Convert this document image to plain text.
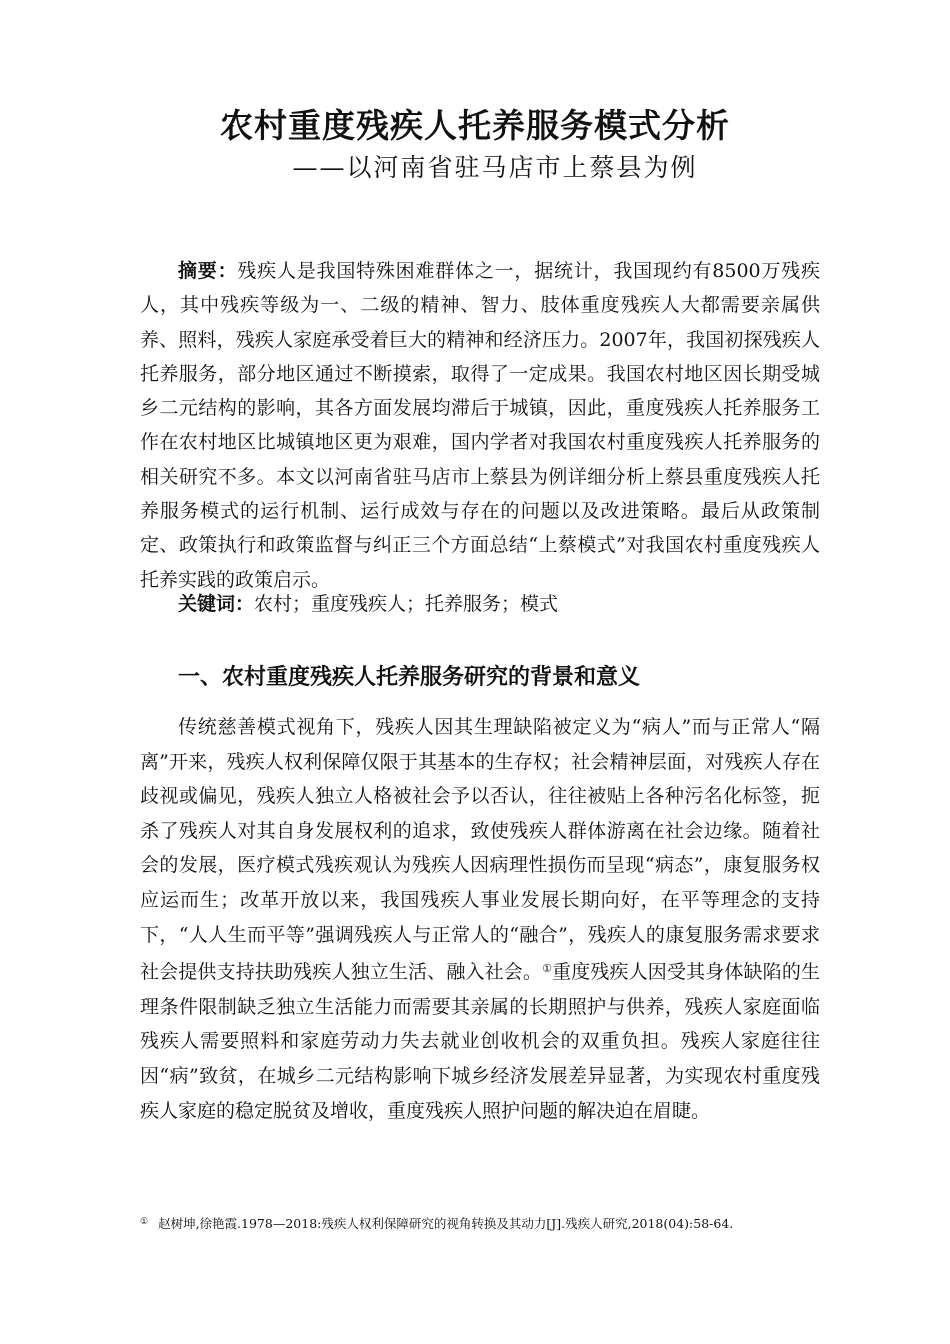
农村重度残疾人托养服务模式分析
——以河南省驻马店市上蔡县为例

摘要：残疾人是我国特殊困难群体之一，据统计，我国现约有8500万残疾人，其中残疾等级为一、二级的精神、智力、肢体重度残疾人大都需要亲属供养、照料，残疾人家庭承受着巨大的精神和经济压力。2007年，我国初探残疾人托养服务，部分地区通过不断摸索，取得了一定成果。我国农村地区因长期受城乡二元结构的影响，其各方面发展均滞后于城镇，因此，重度残疾人托养服务工作在农村地区比城镇地区更为艰难，国内学者对我国农村重度残疾人托养服务的相关研究不多。本文以河南省驻马店市上蔡县为例详细分析上蔡县重度残疾人托养服务模式的运行机制、运行成效与存在的问题以及改进策略。最后从政策制定、政策执行和政策监督与纠正三个方面总结“上蔡模式”对我国农村重度残疾人托养实践的政策启示。

关键词：农村；重度残疾人；托养服务；模式

一、农村重度残疾人托养服务研究的背景和意义

传统慈善模式视角下，残疾人因其生理缺陷被定义为“病人”而与正常人“隔离”开来，残疾人权利保障仅限于其基本的生存权；社会精神层面，对残疾人存在歧视或偏见，残疾人独立人格被社会予以否认，往往被贴上各种污名化标签，扼杀了残疾人对其自身发展权利的追求，致使残疾人群体游离在社会边缘。随着社会的发展，医疗模式残疾观认为残疾人因病理性损伤而呈现“病态”，康复服务权应运而生；改革开放以来，我国残疾人事业发展长期向好，在平等理念的支持下，“人人生而平等”强调残疾人与正常人的“融合”，残疾人的康复服务需求要求社会提供支持扶助残疾人独立生活、融入社会。①重度残疾人因受其身体缺陷的生理条件限制缺乏独立生活能力而需要其亲属的长期照护与供养，残疾人家庭面临残疾人需要照料和家庭劳动力失去就业创收机会的双重负担。残疾人家庭往往因“病”致贫，在城乡二元结构影响下城乡经济发展差异显著，为实现农村重度残疾人家庭的稳定脱贫及增收，重度残疾人照护问题的解决迫在眉睫。

① 赵树坤,徐艳霞.1978—2018:残疾人权利保障研究的视角转换及其动力[J].残疾人研究,2018(04):58-64.
